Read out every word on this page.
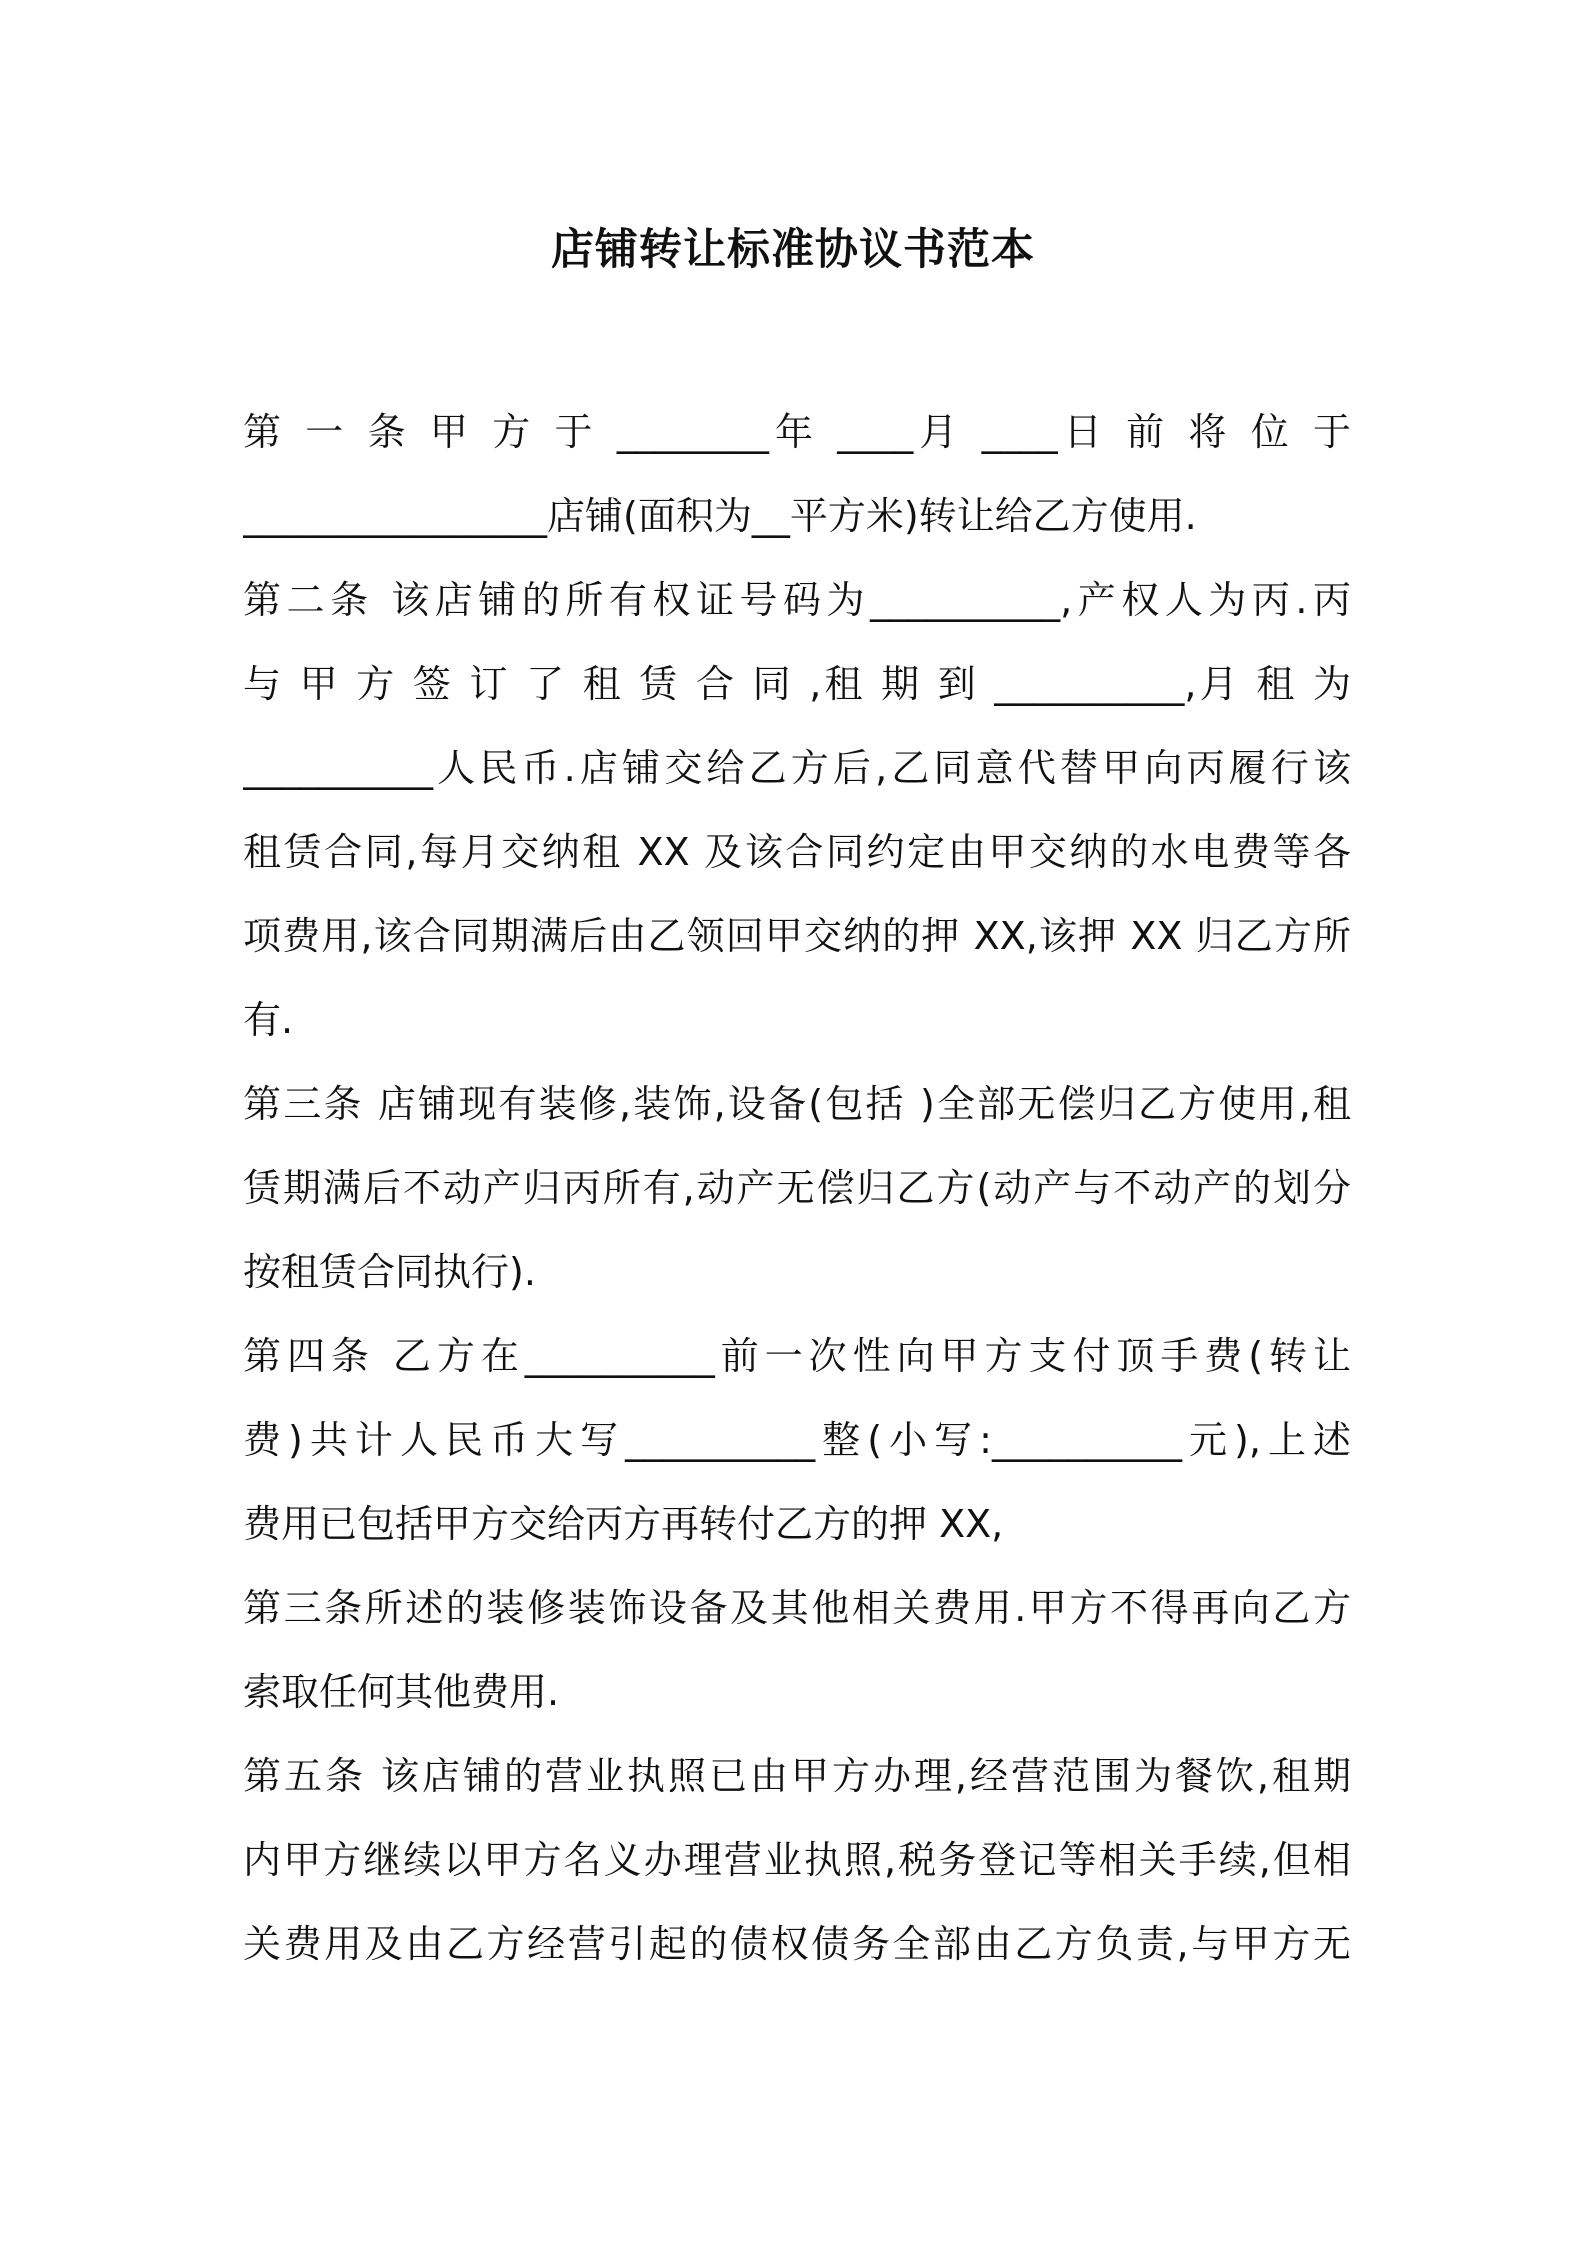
店铺转让标准协议书范本
第 一 条 甲 方 于 ________年 ____月 ____日 前 将 位 于
________________店铺(面积为__平方米)转让给乙方使用.
第二条 该店铺的所有权证号码为__________,产权人为丙.丙
与 甲 方 签 订 了 租 赁 合 同 ,租 期 到 __________,月 租 为
__________人民币.店铺交给乙方后,乙同意代替甲向丙履行该
租赁合同,每月交纳租 XX 及该合同约定由甲交纳的水电费等各
项费用,该合同期满后由乙领回甲交纳的押 XX,该押 XX 归乙方所
有.
第三条 店铺现有装修,装饰,设备(包括 )全部无偿归乙方使用,租
赁期满后不动产归丙所有,动产无偿归乙方(动产与不动产的划分
按租赁合同执行).
第四条 乙方在__________前一次性向甲方支付顶手费(转让
费)共计人民币大写__________整(小写:__________元),上述
费用已包括甲方交给丙方再转付乙方的押 XX,
第三条所述的装修装饰设备及其他相关费用.甲方不得再向乙方
索取任何其他费用.
第五条 该店铺的营业执照已由甲方办理,经营范围为餐饮,租期
内甲方继续以甲方名义办理营业执照,税务登记等相关手续,但相
关费用及由乙方经营引起的债权债务全部由乙方负责,与甲方无
